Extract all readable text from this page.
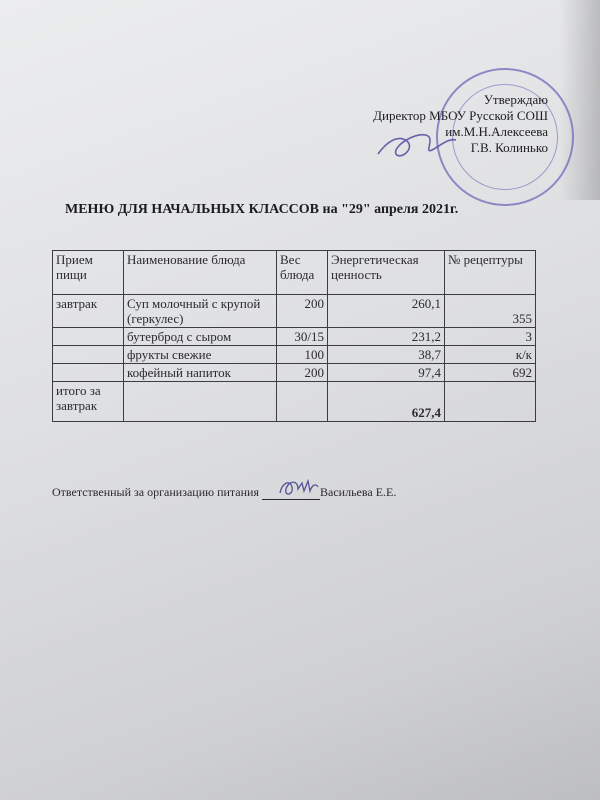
Утверждаю
Директор МБОУ Русской СОШ
им.М.Н.Алексеева
Г.В. Колинько
МЕНЮ ДЛЯ НАЧАЛЬНЫХ КЛАССОВ на "29" апреля 2021г.
Прием пищи	Наименование блюда	Вес блюда	Энергетическая ценность	№ рецептуры
завтрак	Суп молочный с крупой (геркулес)	200	260,1	355
	бутерброд с сыром	30/15	231,2	3
	фрукты свежие	100	38,7	к/к
	кофейный напиток	200	97,4	692
итого за завтрак			627,4	
Ответственный за организацию питания	Васильева Е.Е.
